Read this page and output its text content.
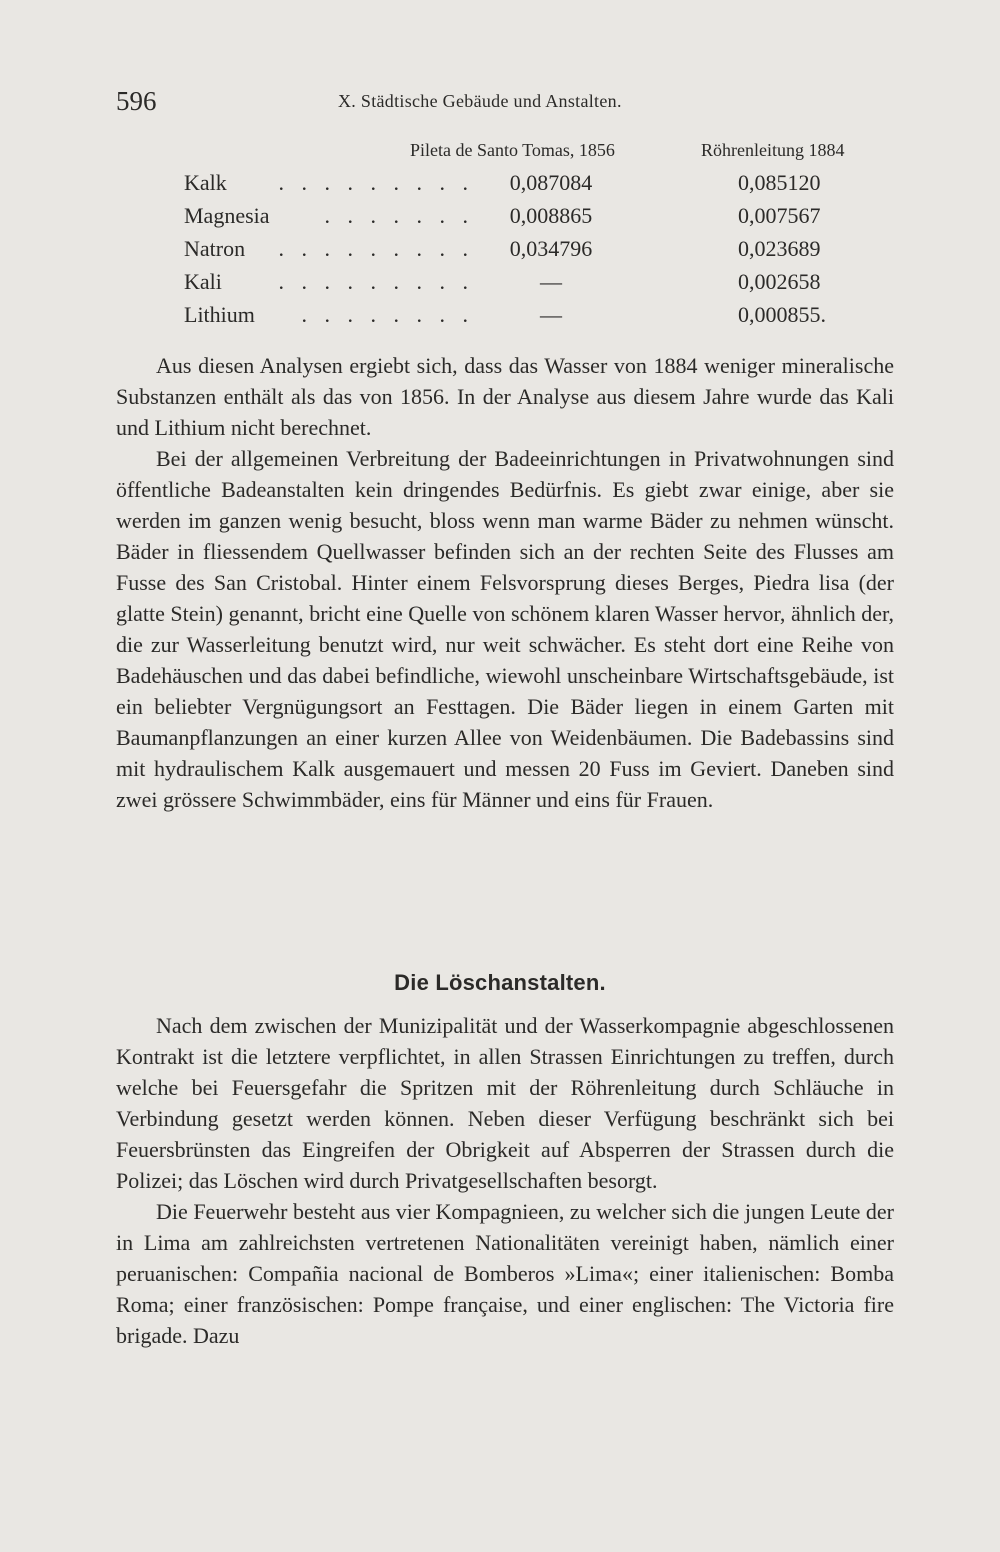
596	X. Städtische Gebäude und Anstalten.
Pileta de Santo Tomas, 1856	Röhrenleitung 1884
Kalk	. . . . . . . . .	0,087084	0,085120
Magnesia	. . . . . . .	0,008865	0,007567
Natron	. . . . . . . . .	0,034796	0,023689
Kali	. . . . . . . . .	—	0,002658
Lithium	. . . . . . . .	—	0,000855.

Aus diesen Analysen ergiebt sich, dass das Wasser von 1884 weniger mineralische Substanzen enthält als das von 1856. In der Analyse aus diesem Jahre wurde das Kali und Lithium nicht berechnet.

Bei der allgemeinen Verbreitung der Badeeinrichtungen in Privatwohnungen sind öffentliche Badeanstalten kein dringendes Bedürfnis. Es giebt zwar einige, aber sie werden im ganzen wenig besucht, bloss wenn man warme Bäder zu nehmen wünscht. Bäder in fliessendem Quellwasser befinden sich an der rechten Seite des Flusses am Fusse des San Cristobal. Hinter einem Felsvorsprung dieses Berges, Piedra lisa (der glatte Stein) genannt, bricht eine Quelle von schönem klaren Wasser hervor, ähnlich der, die zur Wasserleitung benutzt wird, nur weit schwächer. Es steht dort eine Reihe von Badehäuschen und das dabei befindliche, wiewohl unscheinbare Wirtschaftsgebäude, ist ein beliebter Vergnügungsort an Festtagen. Die Bäder liegen in einem Garten mit Baumanpflanzungen an einer kurzen Allee von Weidenbäumen. Die Badebassins sind mit hydraulischem Kalk ausgemauert und messen 20 Fuss im Geviert. Daneben sind zwei grössere Schwimmbäder, eins für Männer und eins für Frauen.

Die Löschanstalten.

Nach dem zwischen der Munizipalität und der Wasserkompagnie abgeschlossenen Kontrakt ist die letztere verpflichtet, in allen Strassen Einrichtungen zu treffen, durch welche bei Feuersgefahr die Spritzen mit der Röhrenleitung durch Schläuche in Verbindung gesetzt werden können. Neben dieser Verfügung beschränkt sich bei Feuersbrünsten das Eingreifen der Obrigkeit auf Absperren der Strassen durch die Polizei; das Löschen wird durch Privatgesellschaften besorgt.

Die Feuerwehr besteht aus vier Kompagnieen, zu welcher sich die jungen Leute der in Lima am zahlreichsten vertretenen Nationalitäten vereinigt haben, nämlich einer peruanischen: Compañia nacional de Bomberos »Lima«; einer italienischen: Bomba Roma; einer französischen: Pompe française, und einer englischen: The Victoria fire brigade. Dazu
